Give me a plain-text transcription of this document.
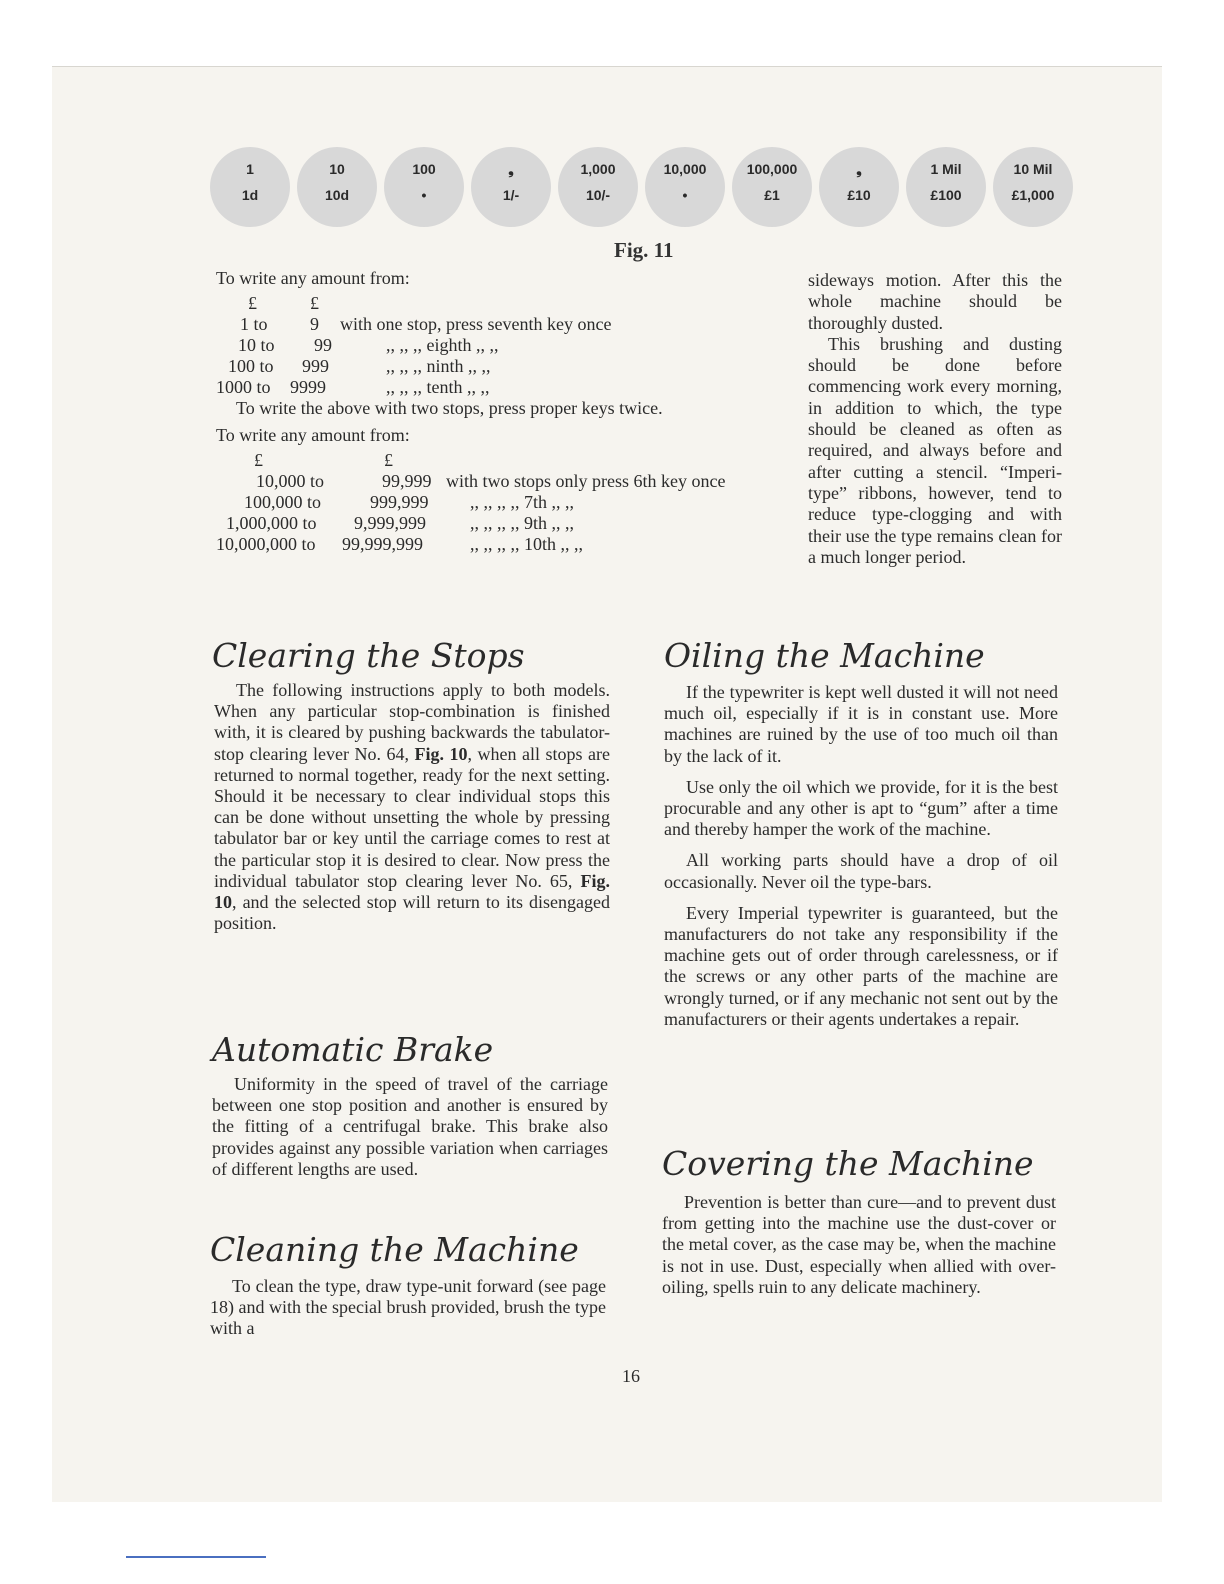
1
1d
10
10d
100
•
❟
1/-
1,000
10/-
10,000
•
100,000
£1
❟
£10
1 Mil
£100
10 Mil
£1,000
Fig. 11
To write any amount from:
£	£
1 to 9 with one stop, press seventh key once
10 to 99	,, ,, ,, eighth ,, ,,
100 to 999	,, ,, ,, ninth ,, ,,
1000 to 9999	,, ,, ,, tenth ,, ,,
To write the above with two stops, press proper keys twice.
To write any amount from:
£	£
10,000 to	99,999 with two stops only press 6th key once
100,000 to	999,999 ,, ,, ,, ,, 7th ,, ,,
1,000,000 to 9,999,999 ,, ,, ,, ,, 9th ,, ,,
10,000,000 to 99,999,999	,, ,, ,, ,, 10th ,, ,,

sideways motion. After this the whole machine should be thoroughly dusted.

This brushing and dusting should be done before commencing work every morning, in addition to which, the type should be cleaned as often as required, and always before and after cutting a stencil. “Imperi-type” ribbons, however, tend to reduce type-clogging and with their use the type remains clean for a much longer period.

Clearing the Stops

The following instructions apply to both models. When any particular stop-combination is finished with, it is cleared by pushing backwards the tabulator-stop clearing lever No. 64, Fig. 10, when all stops are returned to normal together, ready for the next setting. Should it be necessary to clear individual stops this can be done without unsetting the whole by pressing tabulator bar or key until the carriage comes to rest at the particular stop it is desired to clear. Now press the individual tabulator stop clearing lever No. 65, Fig. 10, and the selected stop will return to its disengaged position.

Automatic Brake

Uniformity in the speed of travel of the carriage between one stop position and another is ensured by the fitting of a centrifugal brake. This brake also provides against any possible variation when carriages of different lengths are used.

Cleaning the Machine

To clean the type, draw type-unit forward (see page 18) and with the special brush provided, brush the type with a

Oiling the Machine

If the typewriter is kept well dusted it will not need much oil, especially if it is in constant use. More machines are ruined by the use of too much oil than by the lack of it.

Use only the oil which we provide, for it is the best procurable and any other is apt to “gum” after a time and thereby hamper the work of the machine.

All working parts should have a drop of oil occasionally. Never oil the type-bars.

Every Imperial typewriter is guaranteed, but the manufacturers do not take any responsibility if the machine gets out of order through carelessness, or if the screws or any other parts of the machine are wrongly turned, or if any mechanic not sent out by the manufacturers or their agents undertakes a repair.

Covering the Machine

Prevention is better than cure—and to prevent dust from getting into the machine use the dust-cover or the metal cover, as the case may be, when the machine is not in use. Dust, especially when allied with over-oiling, spells ruin to any delicate machinery.

16
